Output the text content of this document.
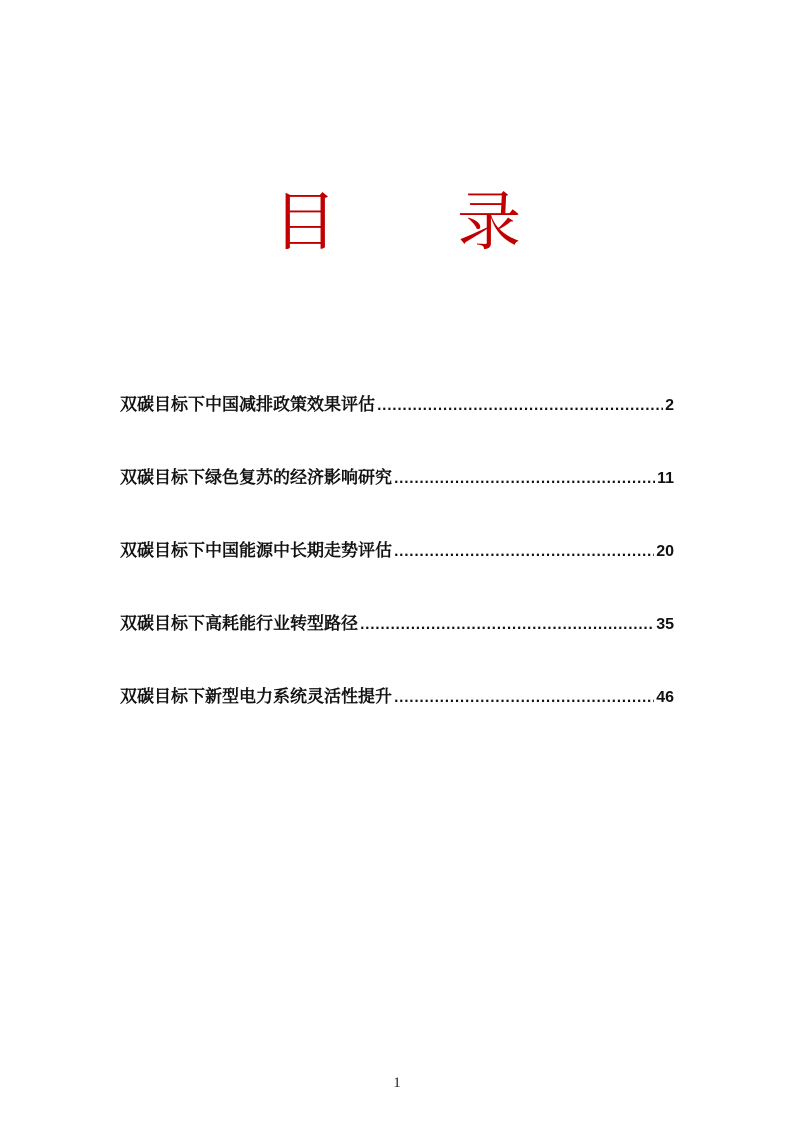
目　录
双碳目标下中国减排政策效果评估 .....	2
双碳目标下绿色复苏的经济影响研究 .....	11
双碳目标下中国能源中长期走势评估 .....	20
双碳目标下高耗能行业转型路径 .....	35
双碳目标下新型电力系统灵活性提升 .....	46
1
